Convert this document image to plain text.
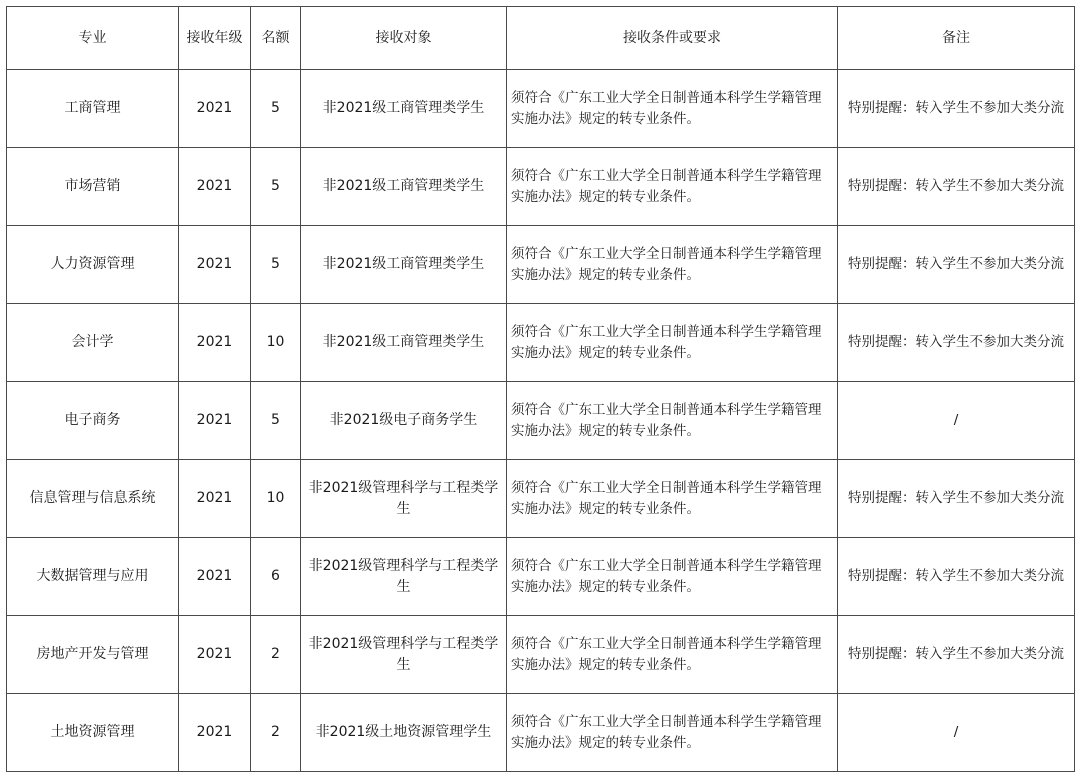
专业	接收年级	名额	接收对象	接收条件或要求	备注
工商管理	2021	5	非2021级工商管理类学生	须符合《广东工业大学全日制普通本科学生学籍管理实施办法》规定的转专业条件。	特别提醒：转入学生不参加大类分流
市场营销	2021	5	非2021级工商管理类学生	须符合《广东工业大学全日制普通本科学生学籍管理实施办法》规定的转专业条件。	特别提醒：转入学生不参加大类分流
人力资源管理	2021	5	非2021级工商管理类学生	须符合《广东工业大学全日制普通本科学生学籍管理实施办法》规定的转专业条件。	特别提醒：转入学生不参加大类分流
会计学	2021	10	非2021级工商管理类学生	须符合《广东工业大学全日制普通本科学生学籍管理实施办法》规定的转专业条件。	特别提醒：转入学生不参加大类分流
电子商务	2021	5	非2021级电子商务学生	须符合《广东工业大学全日制普通本科学生学籍管理实施办法》规定的转专业条件。	/
信息管理与信息系统	2021	10	非2021级管理科学与工程类学生	须符合《广东工业大学全日制普通本科学生学籍管理实施办法》规定的转专业条件。	特别提醒：转入学生不参加大类分流
大数据管理与应用	2021	6	非2021级管理科学与工程类学生	须符合《广东工业大学全日制普通本科学生学籍管理实施办法》规定的转专业条件。	特别提醒：转入学生不参加大类分流
房地产开发与管理	2021	2	非2021级管理科学与工程类学生	须符合《广东工业大学全日制普通本科学生学籍管理实施办法》规定的转专业条件。	特别提醒：转入学生不参加大类分流
土地资源管理	2021	2	非2021级土地资源管理学生	须符合《广东工业大学全日制普通本科学生学籍管理实施办法》规定的转专业条件。	/
